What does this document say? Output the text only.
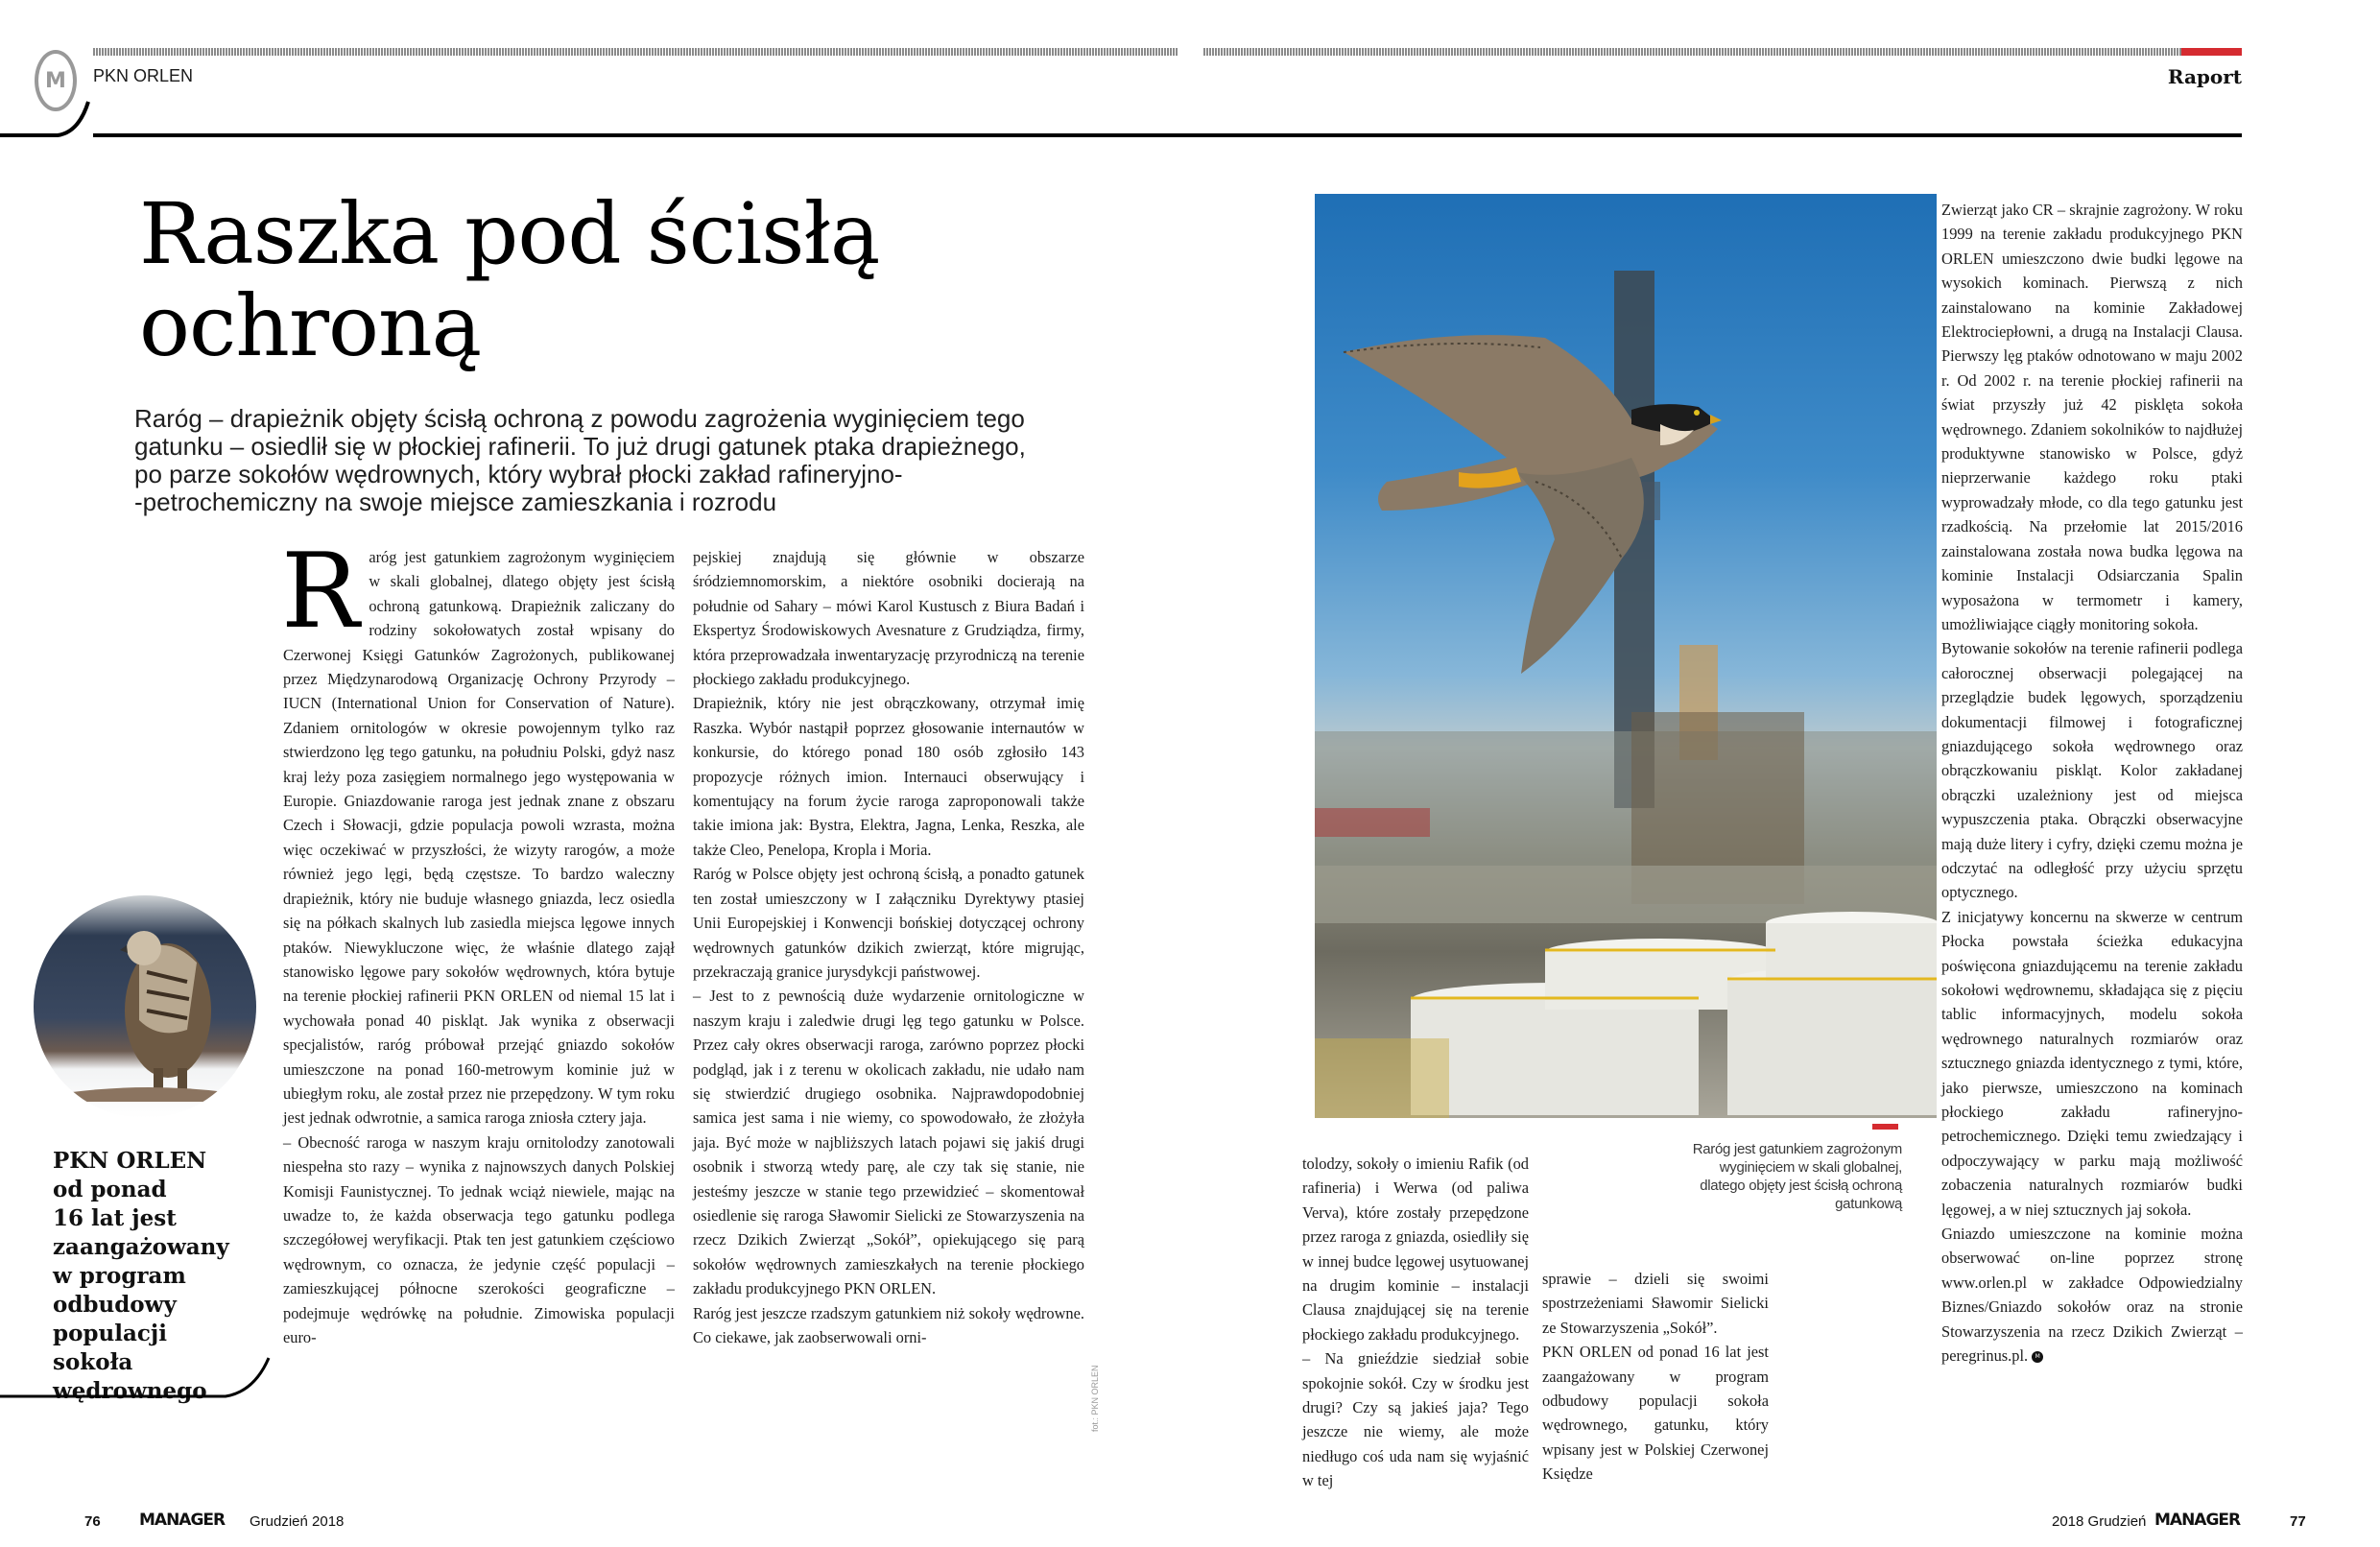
M PKN ORLEN	Raport
Raszka pod ścisłą
ochroną
Raróg – drapieżnik objęty ścisłą ochroną z powodu zagrożenia wyginięciem tego
gatunku – osiedlił się w płockiej rafinerii. To już drugi gatunek ptaka drapieżnego,
po parze sokołów wędrownych, który wybrał płocki zakład rafineryjno-
-petrochemiczny na swoje miejsce zamieszkania i rozrodu
R aróg jest gatunkiem zagrożonym wyginięciem w skali globalnej, dlatego objęty jest ścisłą ochroną gatunkową. Drapieżnik zaliczany do rodziny sokołowatych został wpisany do Czerwonej Księgi Gatunków Zagrożonych, publikowanej przez Międzynarodową Organizację Ochrony Przyrody – IUCN (International Union for Conservation of Nature). Zdaniem ornitologów w okresie powojennym tylko raz stwierdzono lęg tego gatunku, na południu Polski, gdyż nasz kraj leży poza zasięgiem normalnego jego występowania w Europie. Gniazdowanie raroga jest jednak znane z obszaru Czech i Słowacji, gdzie populacja powoli wzrasta, można więc oczekiwać w przyszłości, że wizyty rarogów, a może również jego lęgi, będą częstsze. To bardzo waleczny drapieżnik, który nie buduje własnego gniazda, lecz osiedla się na półkach skalnych lub zasiedla miejsca lęgowe innych ptaków. Niewykluczone więc, że właśnie dlatego zajął stanowisko lęgowe pary sokołów wędrownych, która bytuje na terenie płockiej rafinerii PKN ORLEN od niemal 15 lat i wychowała ponad 40 piskląt. Jak wynika z obserwacji specjalistów, raróg próbował przejąć gniazdo sokołów umieszczone na ponad 160-metrowym kominie już w ubiegłym roku, ale został przez nie przepędzony. W tym roku jest jednak odwrotnie, a samica raroga zniosła cztery jaja.

– Obecność raroga w naszym kraju ornitolodzy zanotowali niespełna sto razy – wynika z najnowszych danych Polskiej Komisji Faunistycznej. To jednak wciąż niewiele, mając na uwadze to, że każda obserwacja tego gatunku podlega szczegółowej weryfikacji. Ptak ten jest gatunkiem częściowo wędrownym, co oznacza, że jedynie część populacji – zamieszkującej północne szerokości geograficzne – podejmuje wędrówkę na południe. Zimowiska populacji euro-

pejskiej znajdują się głównie w obszarze śródziemnomorskim, a niektóre osobniki docierają na południe od Sahary – mówi Karol Kustusch z Biura Badań i Ekspertyz Środowiskowych Avesnature z Grudziądza, firmy, która przeprowadzała inwentaryzację przyrodniczą na terenie płockiego zakładu produkcyjnego.

Drapieżnik, który nie jest obrączkowany, otrzymał imię Raszka. Wybór nastąpił poprzez głosowanie internautów w konkursie, do którego ponad 180 osób zgłosiło 143 propozycje różnych imion. Internauci obserwujący i komentujący na forum życie raroga zaproponowali także takie imiona jak: Bystra, Elektra, Jagna, Lenka, Reszka, ale także Cleo, Penelopa, Kropla i Moria.

Raróg w Polsce objęty jest ochroną ścisłą, a ponadto gatunek ten został umieszczony w I załączniku Dyrektywy ptasiej Unii Europejskiej i Konwencji bońskiej dotyczącej ochrony wędrownych gatunków dzikich zwierząt, które migrując, przekraczają granice jurysdykcji państwowej.

– Jest to z pewnością duże wydarzenie ornitologiczne w naszym kraju i zaledwie drugi lęg tego gatunku w Polsce. Przez cały okres obserwacji raroga, zarówno poprzez płocki podgląd, jak i z terenu w okolicach zakładu, nie udało nam się stwierdzić drugiego osobnika. Najprawdopodobniej samica jest sama i nie wiemy, co spowodowało, że złożyła jaja. Być może w najbliższych latach pojawi się jakiś drugi osobnik i stworzą wtedy parę, ale czy tak się stanie, nie jesteśmy jeszcze w stanie tego przewidzieć – skomentował osiedlenie się raroga Sławomir Sielicki ze Stowarzyszenia na rzecz Dzikich Zwierząt „Sokół”, opiekującego się parą sokołów wędrownych zamieszkałych na terenie płockiego zakładu produkcyjnego PKN ORLEN.

Raróg jest jeszcze rzadszym gatunkiem niż sokoły wędrowne. Co ciekawe, jak zaobserwowali orni-

fot.: PKN ORLEN
Raróg jest gatunkiem zagrożonym wyginięciem w skali globalnej, dlatego objęty jest ścisłą ochroną gatunkową

tolodzy, sokoły o imieniu Rafik (od rafineria) i Werwa (od paliwa Verva), które zostały przepędzone przez raroga z gniazda, osiedliły się w innej budce lęgowej usytuowanej na drugim kominie – instalacji Clausa znajdującej się na terenie płockiego zakładu produkcyjnego.

– Na gnieździe siedział sobie spokojnie sokół. Czy w środku jest drugi? Czy są jakieś jaja? Tego jeszcze nie wiemy, ale może niedługo coś uda nam się wyjaśnić w tej

sprawie – dzieli się swoimi spostrzeżeniami Sławomir Sielicki ze Stowarzyszenia „Sokół”.

PKN ORLEN od ponad 16 lat jest zaangażowany w program odbudowy populacji sokoła wędrownego, gatunku, który wpisany jest w Polskiej Czerwonej Księdze

Zwierząt jako CR – skrajnie zagrożony. W roku 1999 na terenie zakładu produkcyjnego PKN ORLEN umieszczono dwie budki lęgowe na wysokich kominach. Pierwszą z nich zainstalowano na kominie Zakładowej Elektrociepłowni, a drugą na Instalacji Clausa. Pierwszy lęg ptaków odnotowano w maju 2002 r. Od 2002 r. na terenie płockiej rafinerii na świat przyszły już 42 pisklęta sokoła wędrownego. Zdaniem sokolników to najdłużej produktywne stanowisko w Polsce, gdyż nieprzerwanie każdego roku ptaki wyprowadzały młode, co dla tego gatunku jest rzadkością. Na przełomie lat 2015/2016 zainstalowana została nowa budka lęgowa na kominie Instalacji Odsiarczania Spalin wyposażona w termometr i kamery, umożliwiające ciągły monitoring sokoła.

Bytowanie sokołów na terenie rafinerii podlega całorocznej obserwacji polegającej na przeglądzie budek lęgowych, sporządzeniu dokumentacji filmowej i fotograficznej gniazdującego sokoła wędrownego oraz obrączkowaniu piskląt. Kolor zakładanej obrączki uzależniony jest od miejsca wypuszczenia ptaka. Obrączki obserwacyjne mają duże litery i cyfry, dzięki czemu można je odczytać na odległość przy użyciu sprzętu optycznego.

Z inicjatywy koncernu na skwerze w centrum Płocka powstała ścieżka edukacyjna poświęcona gniazdującemu na terenie zakładu sokołowi wędrownemu, składająca się z pięciu tablic informacyjnych, modelu sokoła wędrownego naturalnych rozmiarów oraz sztucznego gniazda identycznego z tymi, które, jako pierwsze, umieszczono na kominach płockiego zakładu rafineryjno-petrochemicznego. Dzięki temu zwiedzający i odpoczywający w parku mają możliwość zobaczenia naturalnych rozmiarów budki lęgowej, a w niej sztucznych jaj sokoła.

Gniazdo umieszczone na kominie można obserwować on-line poprzez stronę www.orlen.pl w zakładce Odpowiedzialny Biznes/Gniazdo sokołów oraz na stronie Stowarzyszenia na rzecz Dzikich Zwierząt – peregrinus.pl. M

PKN ORLEN
od ponad
16 lat jest
zaangażowany
w program
odbudowy
populacji sokoła
wędrownego
76 MANAGER Grudzień 2018	2018 Grudzień MANAGER	77
